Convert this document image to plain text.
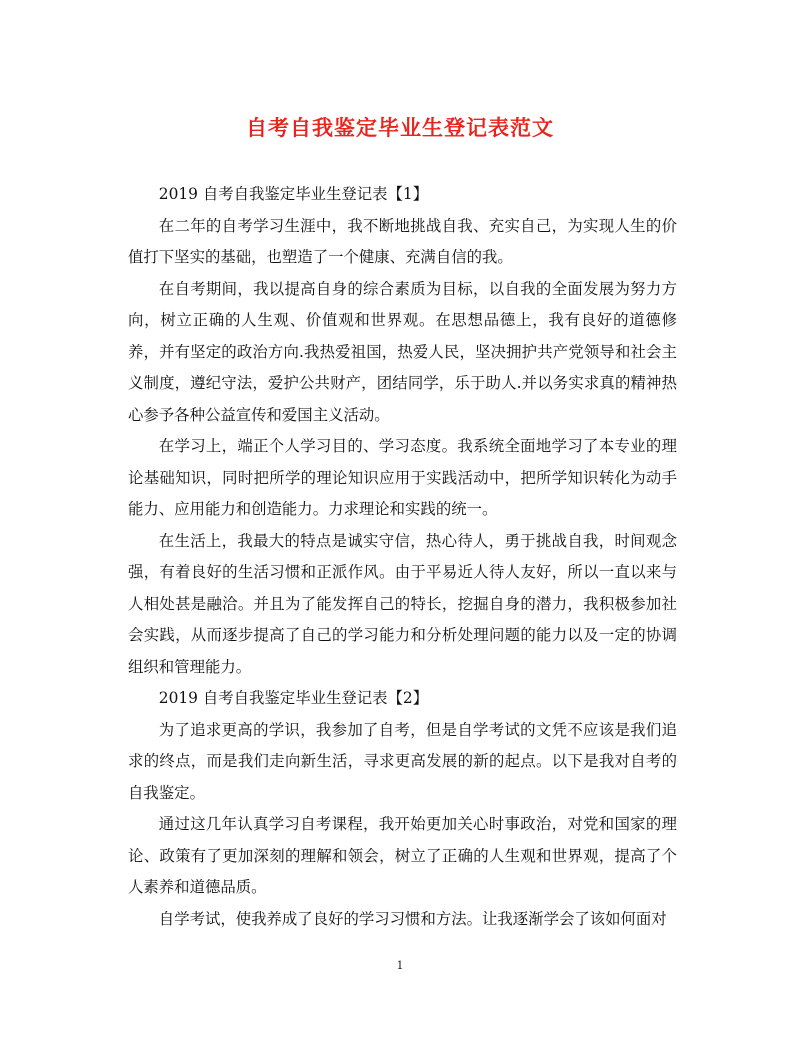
自考自我鉴定毕业生登记表范文

2019 自考自我鉴定毕业生登记表【1】

在二年的自考学习生涯中，我不断地挑战自我、充实自己，为实现人生的价值打下坚实的基础，也塑造了一个健康、充满自信的我。

在自考期间，我以提高自身的综合素质为目标，以自我的全面发展为努力方向，树立正确的人生观、价值观和世界观。在思想品德上，我有良好的道德修养，并有坚定的政治方向.我热爱祖国，热爱人民，坚决拥护共产党领导和社会主义制度，遵纪守法，爱护公共财产，团结同学，乐于助人.并以务实求真的精神热心参予各种公益宣传和爱国主义活动。

在学习上，端正个人学习目的、学习态度。我系统全面地学习了本专业的理论基础知识，同时把所学的理论知识应用于实践活动中，把所学知识转化为动手能力、应用能力和创造能力。力求理论和实践的统一。

在生活上，我最大的特点是诚实守信，热心待人，勇于挑战自我，时间观念强，有着良好的生活习惯和正派作风。由于平易近人待人友好，所以一直以来与人相处甚是融洽。并且为了能发挥自己的特长，挖掘自身的潜力，我积极参加社会实践，从而逐步提高了自己的学习能力和分析处理问题的能力以及一定的协调组织和管理能力。

2019 自考自我鉴定毕业生登记表【2】

为了追求更高的学识，我参加了自考，但是自学考试的文凭不应该是我们追求的终点，而是我们走向新生活，寻求更高发展的新的起点。以下是我对自考的自我鉴定。

通过这几年认真学习自考课程，我开始更加关心时事政治，对党和国家的理论、政策有了更加深刻的理解和领会，树立了正确的人生观和世界观，提高了个人素养和道德品质。

自学考试，使我养成了良好的学习习惯和方法。让我逐渐学会了该如何面对

1
